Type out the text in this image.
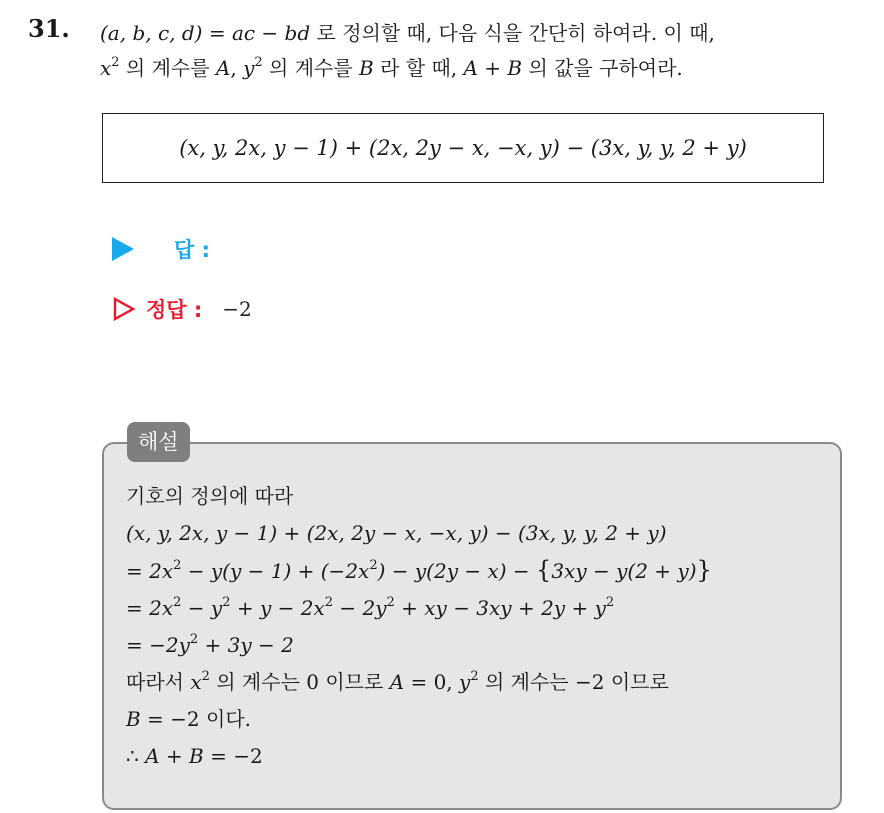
31. (a, b, c, d) = ac − bd 로 정의할 때, 다음 식을 간단히 하여라. 이 때,
$x^2$ 의 계수를 A, $y^2$ 의 계수를 B 라 할 때, A + B 의 값을 구하여라.
(x, y, 2x, y − 1) + (2x, 2y − x, −x, y) − (3x, y, y, 2 + y)
답 :
정답 : −2
해설
기호의 정의에 따라
(x, y, 2x, y − 1) + (2x, 2y − x, −x, y) − (3x, y, y, 2 + y)
= $2x^2 - y(y - 1) + (-2x^2) - y(2y - x) - \{3xy - y(2 + y)\}$
= $2x^2 - y^2 + y - 2x^2 - 2y^2$ + xy − $3xy + 2y + y^2$
= $-2y^2 + 3y - 2$
따라서 $x^2$ 의 계수는 0 이므로 A = 0, $y^2$ 의 계수는 −2 이므로
B = −2 이다.
∴ A + B = −2
